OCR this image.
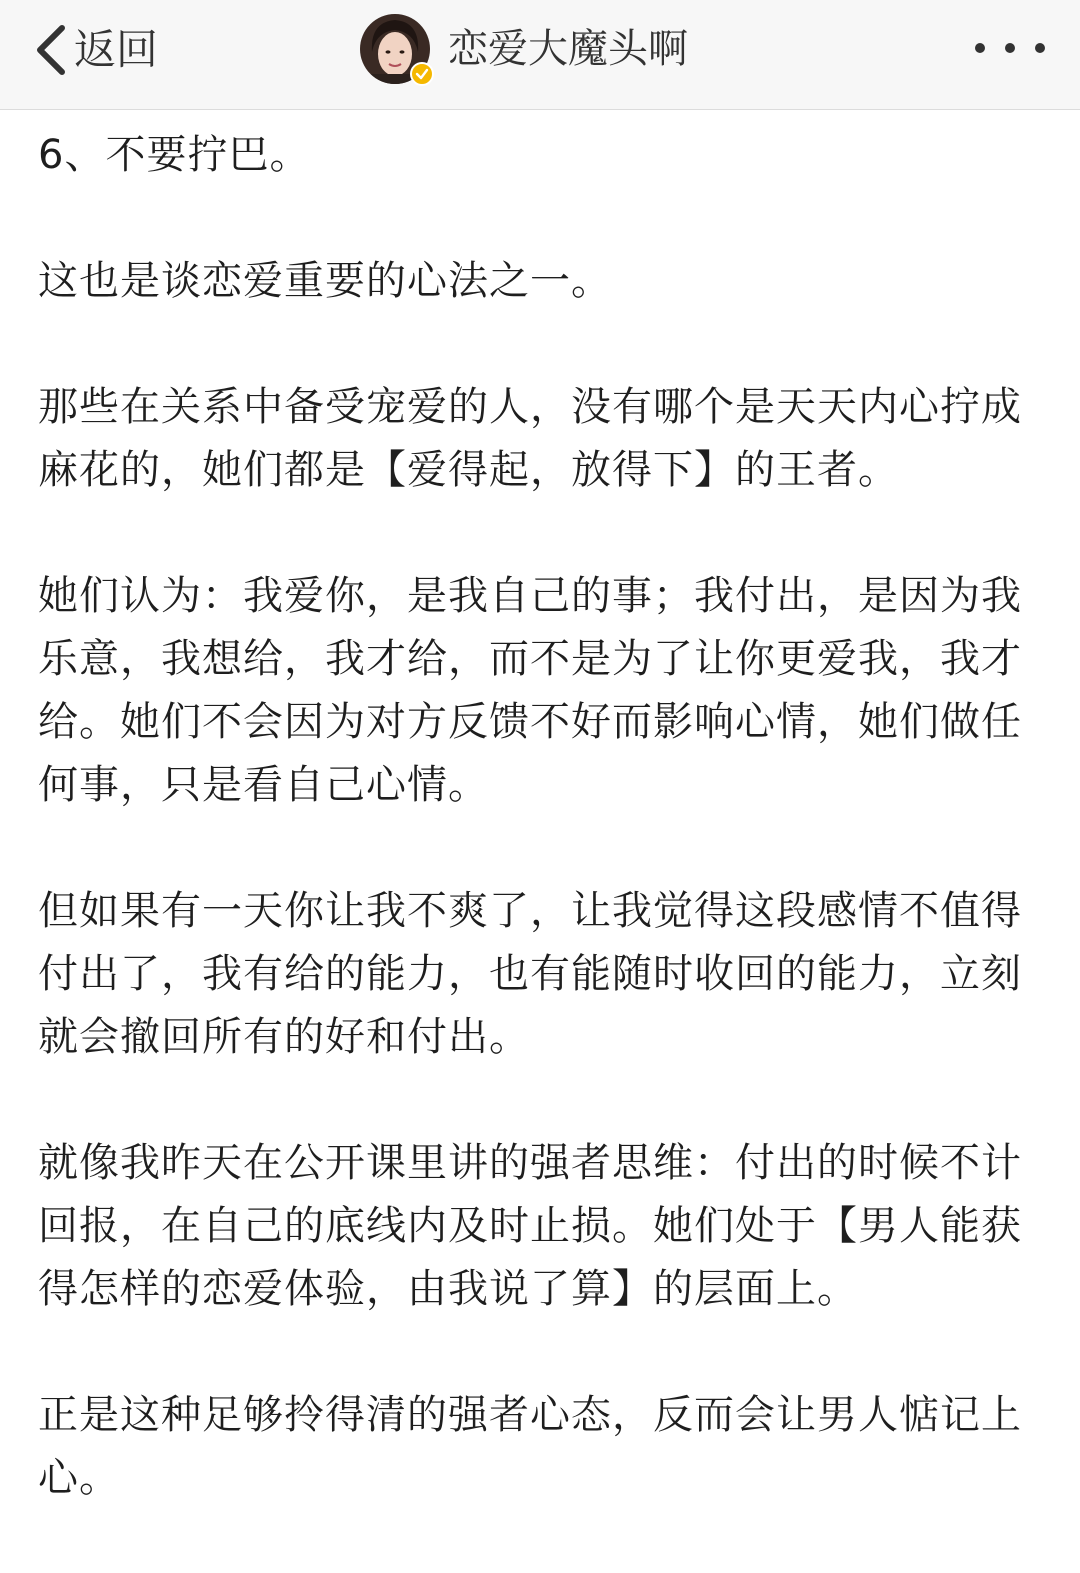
返回	恋爱大魔头啊

6、不要拧巴。

这也是谈恋爱重要的心法之一。

那些在关系中备受宠爱的人，没有哪个是天天内心拧成麻花的，她们都是【爱得起，放得下】的王者。

她们认为：我爱你，是我自己的事；我付出，是因为我乐意，我想给，我才给，而不是为了让你更爱我，我才给。她们不会因为对方反馈不好而影响心情，她们做任何事，只是看自己心情。

但如果有一天你让我不爽了，让我觉得这段感情不值得付出了，我有给的能力，也有能随时收回的能力，立刻就会撤回所有的好和付出。

就像我昨天在公开课里讲的强者思维：付出的时候不计回报，在自己的底线内及时止损。她们处于【男人能获得怎样的恋爱体验，由我说了算】的层面上。

正是这种足够拎得清的强者心态，反而会让男人惦记上心。
